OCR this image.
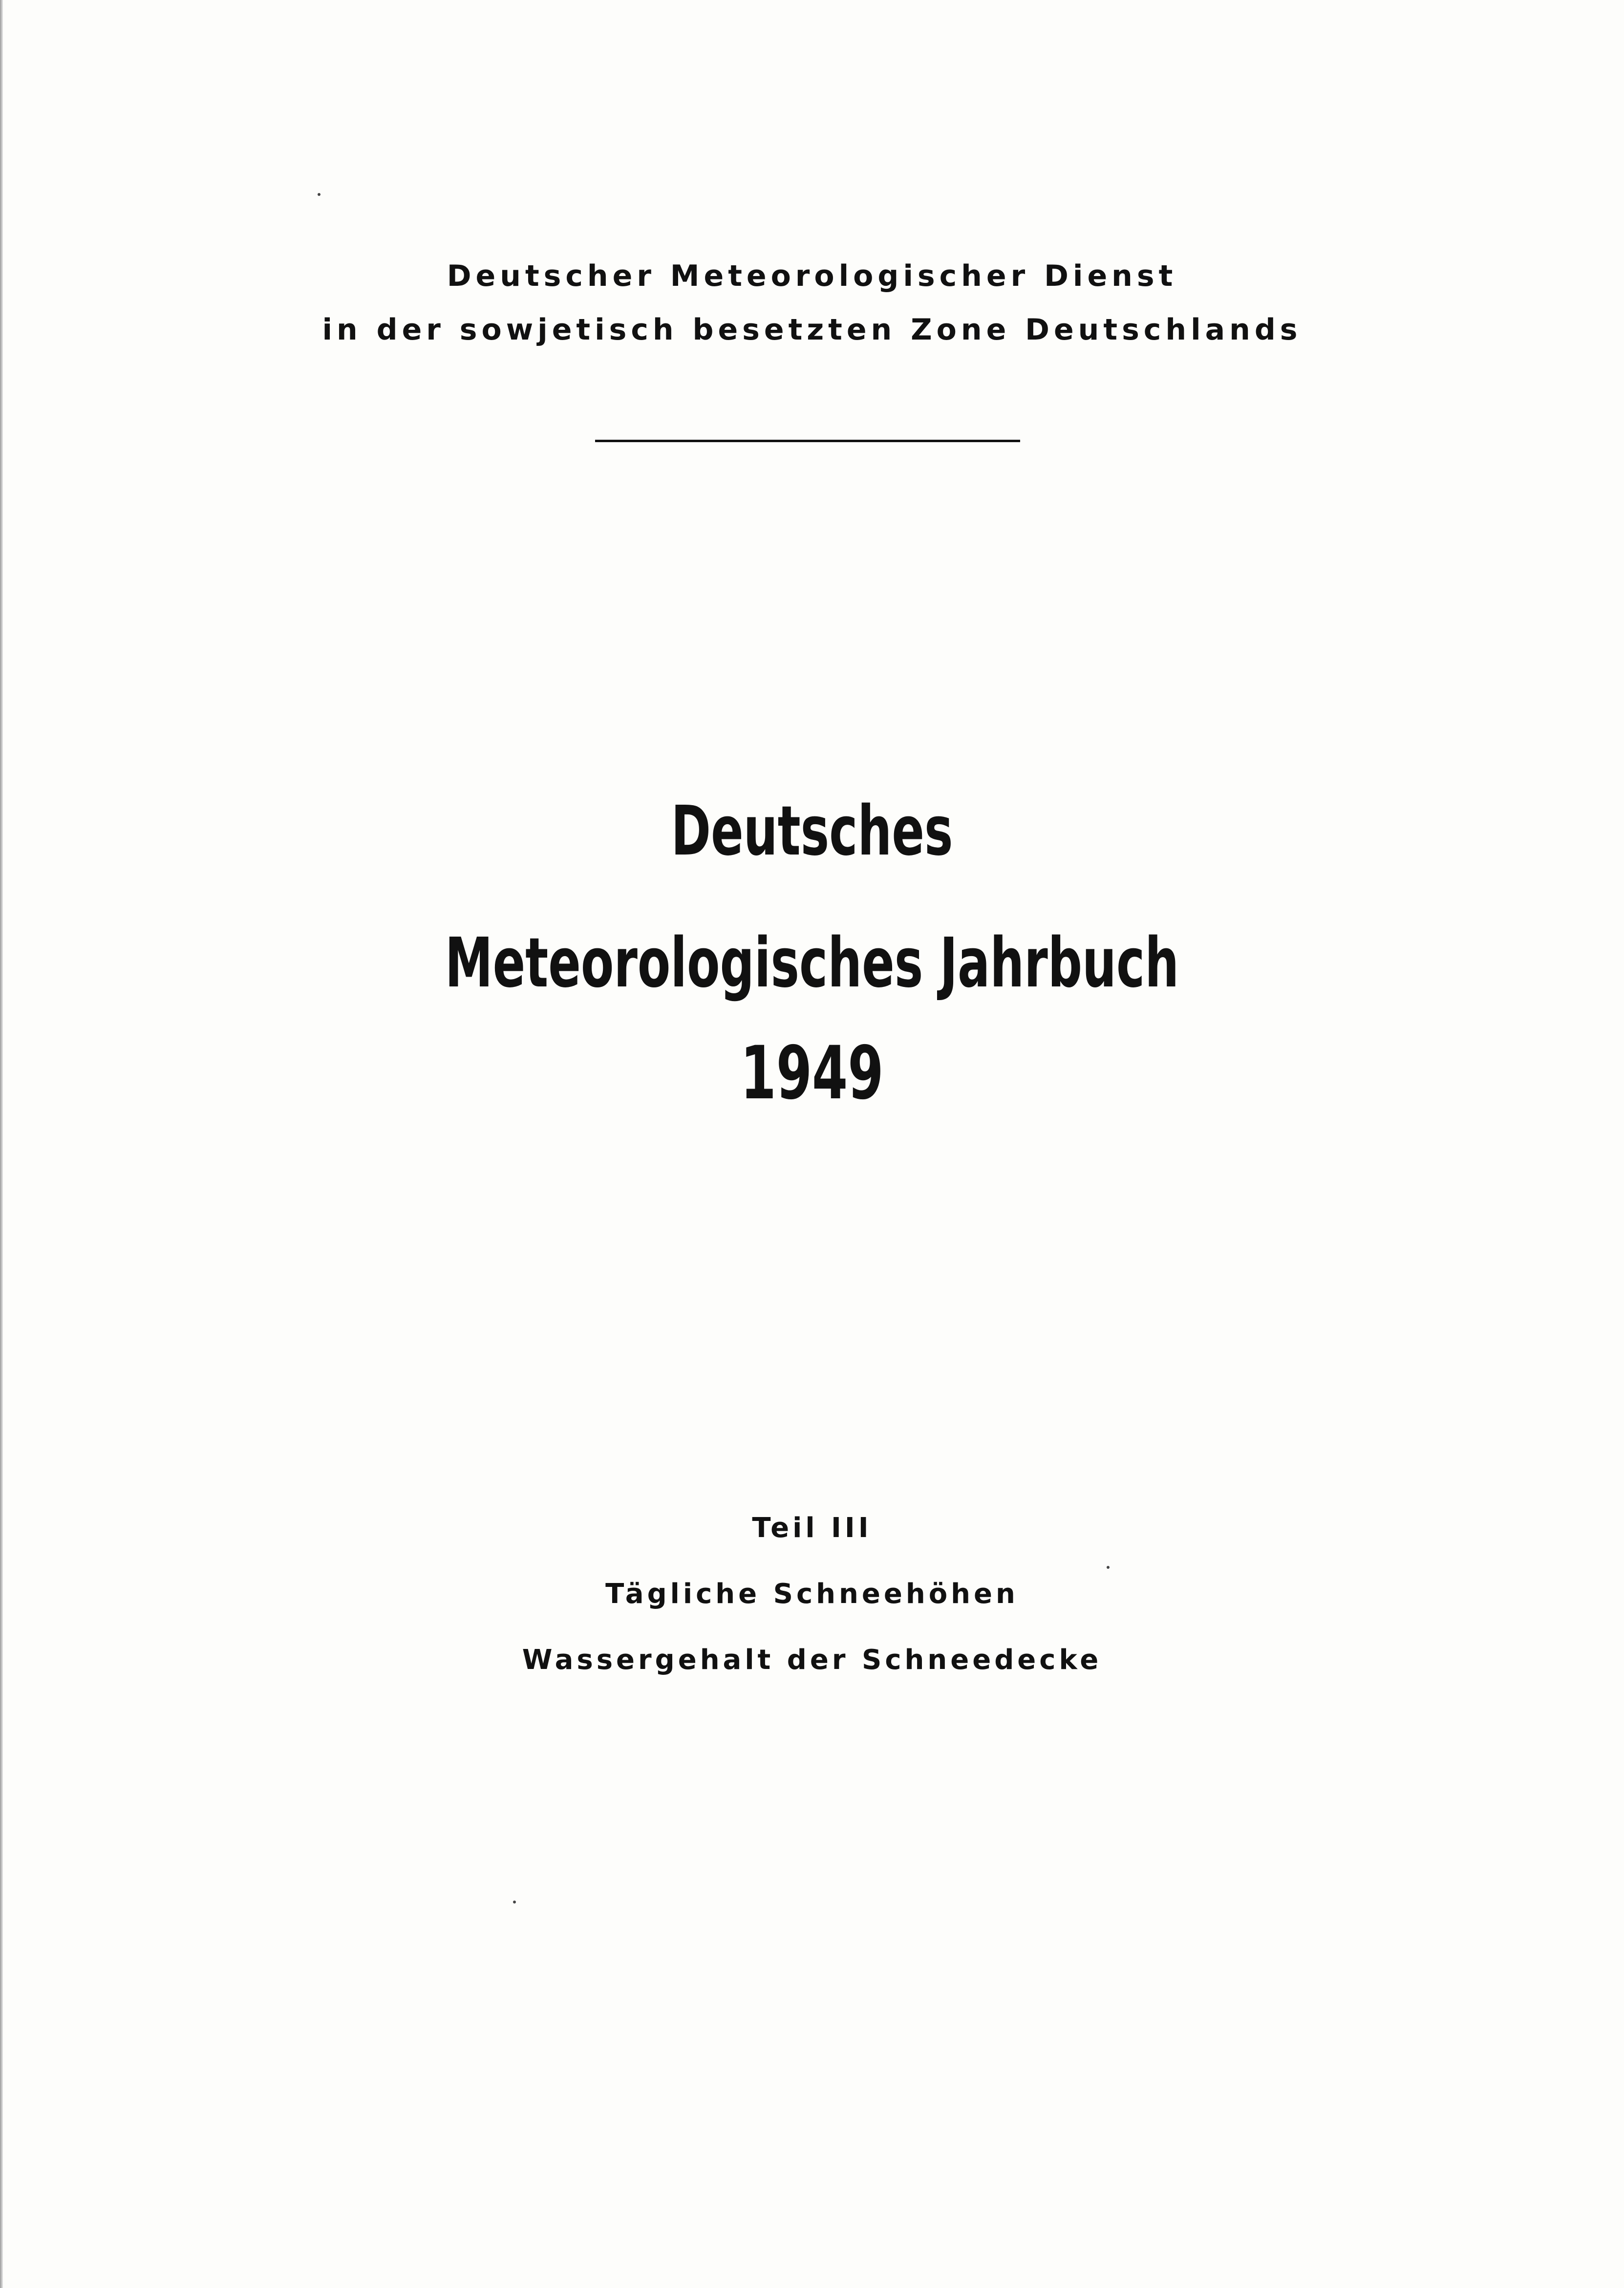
Deutscher Meteorologischer Dienst
in der sowjetisch besetzten Zone Deutschlands
Deutsches
Meteorologisches Jahrbuch
1949
Teil III
Tägliche Schneehöhen
Wassergehalt der Schneedecke
